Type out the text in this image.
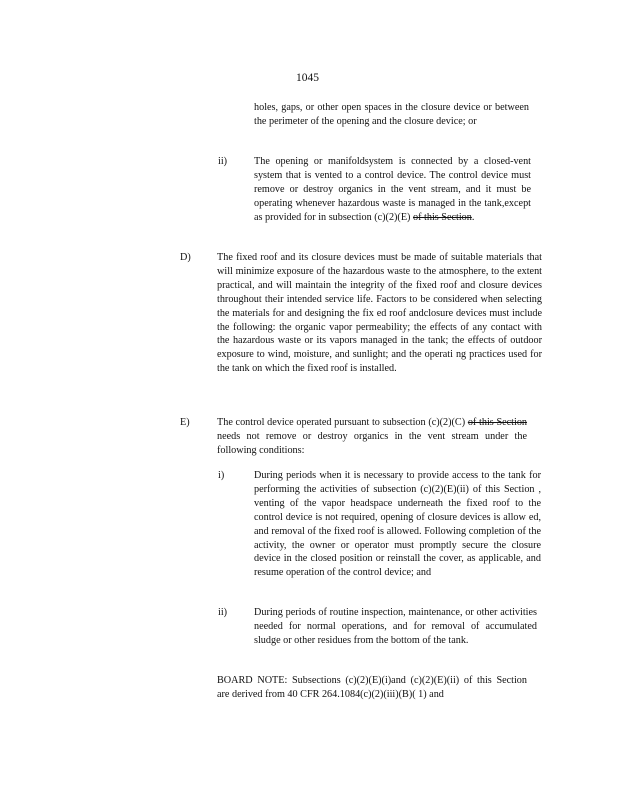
1045
holes, gaps, or other open spaces in the closure device or between the perimeter of the opening and the closure device; or
ii)	The opening or manifoldsystem is connected by a closed-vent system that is vented to a control device. The control device must remove or destroy organics in the vent stream, and it must be operating whenever hazardous waste is managed in the tank,except as provided for in subsection (c)(2)(E) of this Section.
D)	The fixed roof and its closure devices must be made of suitable materials that will minimize exposure of the hazardous waste to the atmosphere, to the extent practical, and will maintain the integrity of the fixed roof and closure devices throughout their intended service life. Factors to be considered when selecting the materials for and designing the fix ed roof andclosure devices must include the following: the organic vapor permeability; the effects of any contact with the hazardous waste or its vapors managed in the tank; the effects of outdoor exposure to wind, moisture, and sunlight; and the operati ng practices used for the tank on which the fixed roof is installed.
E)	The control device operated pursuant to subsection (c)(2)(C) of this Section needs not remove or destroy organics in the vent stream under the following conditions:
i)	During periods when it is necessary to provide access to the tank for performing the activities of subsection (c)(2)(E)(ii) of this Section , venting of the vapor headspace underneath the fixed roof to the control device is not required, opening of closure devices is allow ed, and removal of the fixed roof is allowed. Following completion of the activity, the owner or operator must promptly secure the closure device in the closed position or reinstall the cover, as applicable, and resume operation of the control device; and
ii)	During periods of routine inspection, maintenance, or other activities needed for normal operations, and for removal of accumulated sludge or other residues from the bottom of the tank.
BOARD NOTE: Subsections (c)(2)(E)(i)and (c)(2)(E)(ii) of this Section are derived from 40 CFR 264.1084(c)(2)(iii)(B)( 1) and
